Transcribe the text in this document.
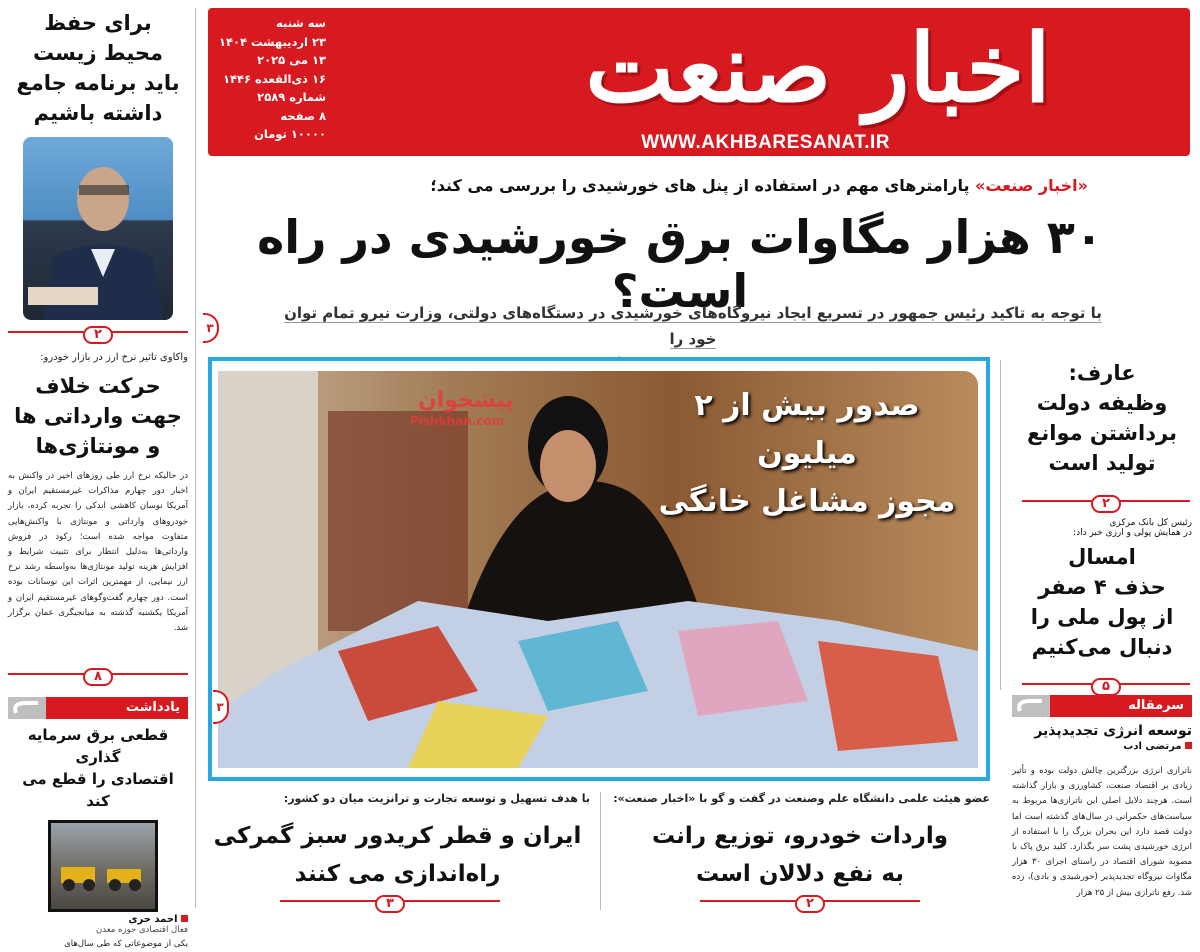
اخبار صنعت
WWW.AKHBARESANAT.IR
سه شنبه
۲۳ اردیبهشت ۱۴۰۴
۱۳ می ۲۰۲۵
۱۶ ذی‌القعده ۱۴۴۶
شماره ۲۵۸۹
۸ صفحه
۱۰۰۰۰ تومان
برای حفظ
محیط زیست
باید برنامه جامع
داشته باشیم
۲
واکاوی تاثیر نرخ ارز در بازار خودرو:
حرکت خلاف
جهت وارداتی ها
و مونتاژی‌ها
در حالیکه نرخ ارز طی روزهای اخیر در واکنش به اخبار دور چهارم مذاکرات غیرمستقیم ایران و آمریکا نوسان کاهشی اندکی را تجربه کرده، بازار خودروهای وارداتی و مونتاژی با واکنش‌هایی متفاوت مواجه شده است؛ رکود در فروش وارداتی‌ها به‌دلیل انتظار برای تثبیت شرایط و افزایش هزینه تولید مونتاژی‌ها به‌واسطه رشد نرخ ارز نیمایی، از مهمترین اثرات این نوسانات بوده است. دور چهارم گفت‌وگوهای غیرمستقیم ایران و آمریکا یکشنبه گذشته به میانجیگری عمان برگزار شد.
۸
یادداشت
قطعی برق سرمایه گذاری
اقتصادی را قطع می کند
احمد حری
فعال اقتصادی حوزه معدن
یکی از موضوعاتی که طی سال‌های
«اخبار صنعت» پارامترهای مهم در استفاده از پنل های خورشیدی را بررسی می کند؛
۳۰ هزار مگاوات برق خورشیدی در راه است؟
با توجه به تاکید رئیس جمهور در تسریع ایجاد نیروگاه‌های خورشیدی در دستگاه‌های دولتی، وزارت نیرو تمام توان خود را
۳
صدور بیش از ۲ میلیون
مجوز مشاغل خانگی
پیشخوان
Pishkhan.com
۳
عارف:
وظیفه دولت
برداشتن موانع
تولید است
۲
رئیس کل بانک مرکزی
در همایش پولی و ارزی خبر داد:
امسال
حذف ۴ صفر
از پول ملی را
دنبال می‌کنیم
۵
سرمقاله
توسعه انرژی تجدیدپذیر
مرتضی ادب
ناترازی انرژی بزرگترین چالش دولت بوده و تأثیر زیادی بر اقتصاد صنعت، کشاورزی و بازار گذاشته است. هرچند دلایل اصلی این ناترازی‌ها مربوط به سیاست‌های حکمرانی در سال‌های گذشته است اما دولت قصد دارد این بحران بزرگ را با استفاده از انرژی خورشیدی پشت سر بگذارد. کلید برق پاک با مصوبه شورای اقتصاد در راستای اجرای ۳۰ هزار مگاوات نیروگاه تجدیدپذیر (خورشیدی و بادی)، زده شد. رفع ناترازی بیش از ۲۵ هزار
عضو هیئت علمی دانشگاه علم وصنعت در گفت و گو با «اخبار صنعت»:
واردات خودرو، توزیع رانت
به نفع دلالان است
۲
با هدف تسهیل و توسعه تجارت و ترانزیت میان دو کشور:
ایران و قطر کریدور سبز گمرکی
راه‌اندازی می کنند
۳
